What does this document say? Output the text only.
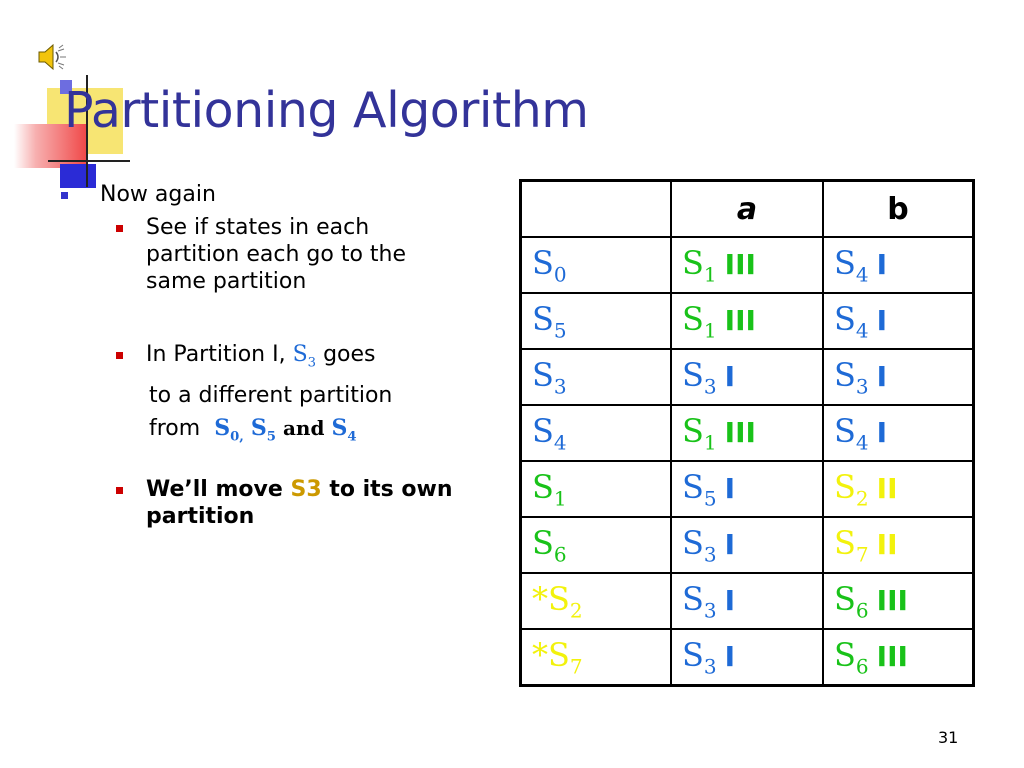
Partitioning Algorithm
Now again
See if states in each partition each go to the same partition
In Partition I, $S_3$ goes
to a different partition
from $S_{0,}$ $S_5$ and $S_4$
We’ll move S3 to its own partition
	a	b
$S_0$	$S_1$ III	$S_4$ I
$S_5$	$S_1$ III	$S_4$ I
$S_3$	$S_3$ I	$S_3$ I
$S_4$	$S_1$ III	$S_4$ I
$S_1$	$S_5$ I	$S_2$ II
$S_6$	$S_3$ I	$S_7$ II
$*S_2$	$S_3$ I	$S_6$ III
$*S_7$	$S_3$ I	$S_6$ III
31
